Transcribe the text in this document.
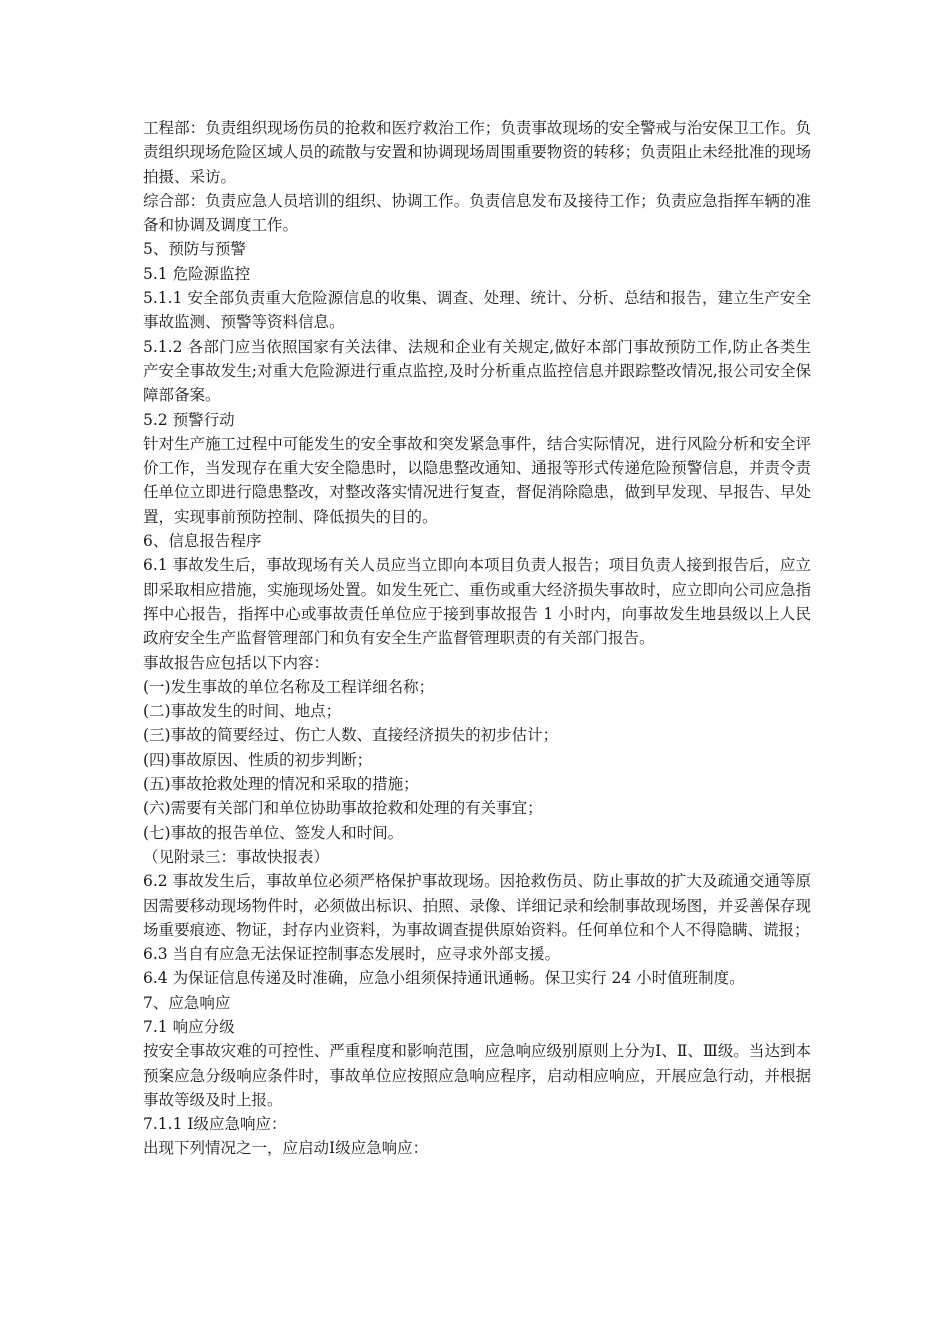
工程部：负责组织现场伤员的抢救和医疗救治工作；负责事故现场的安全警戒与治安保卫工作。负责组织现场危险区域人员的疏散与安置和协调现场周围重要物资的转移；负责阻止未经批准的现场拍摄、采访。

综合部：负责应急人员培训的组织、协调工作。负责信息发布及接待工作；负责应急指挥车辆的准备和协调及调度工作。

5、预防与预警

5.1 危险源监控

5.1.1 安全部负责重大危险源信息的收集、调查、处理、统计、分析、总结和报告，建立生产安全事故监测、预警等资料信息。

5.1.2 各部门应当依照国家有关法律、法规和企业有关规定,做好本部门事故预防工作,防止各类生产安全事故发生;对重大危险源进行重点监控,及时分析重点监控信息并跟踪整改情况,报公司安全保障部备案。

5.2 预警行动

针对生产施工过程中可能发生的安全事故和突发紧急事件，结合实际情况，进行风险分析和安全评价工作，当发现存在重大安全隐患时，以隐患整改通知、通报等形式传递危险预警信息，并责令责任单位立即进行隐患整改，对整改落实情况进行复查，督促消除隐患，做到早发现、早报告、早处置，实现事前预防控制、降低损失的目的。

6、信息报告程序

6.1 事故发生后，事故现场有关人员应当立即向本项目负责人报告；项目负责人接到报告后，应立即采取相应措施，实施现场处置。如发生死亡、重伤或重大经济损失事故时，应立即向公司应急指挥中心报告，指挥中心或事故责任单位应于接到事故报告 1 小时内，向事故发生地县级以上人民政府安全生产监督管理部门和负有安全生产监督管理职责的有关部门报告。

事故报告应包括以下内容：

(一)发生事故的单位名称及工程详细名称；

(二)事故发生的时间、地点；

(三)事故的简要经过、伤亡人数、直接经济损失的初步估计；

(四)事故原因、性质的初步判断；

(五)事故抢救处理的情况和采取的措施；

(六)需要有关部门和单位协助事故抢救和处理的有关事宜；

(七)事故的报告单位、签发人和时间。

（见附录三：事故快报表）

6.2 事故发生后，事故单位必须严格保护事故现场。因抢救伤员、防止事故的扩大及疏通交通等原因需要移动现场物件时，必须做出标识、拍照、录像、详细记录和绘制事故现场图，并妥善保存现场重要痕迹、物证，封存内业资料，为事故调查提供原始资料。任何单位和个人不得隐瞒、谎报；

6.3 当自有应急无法保证控制事态发展时，应寻求外部支援。

6.4 为保证信息传递及时准确，应急小组须保持通讯通畅。保卫实行 24 小时值班制度。

7、应急响应

7.1 响应分级

按安全事故灾难的可控性、严重程度和影响范围，应急响应级别原则上分为Ⅰ、Ⅱ、Ⅲ级。当达到本预案应急分级响应条件时，事故单位应按照应急响应程序，启动相应响应，开展应急行动，并根据事故等级及时上报。

7.1.1 Ⅰ级应急响应：

出现下列情况之一，应启动Ⅰ级应急响应：
